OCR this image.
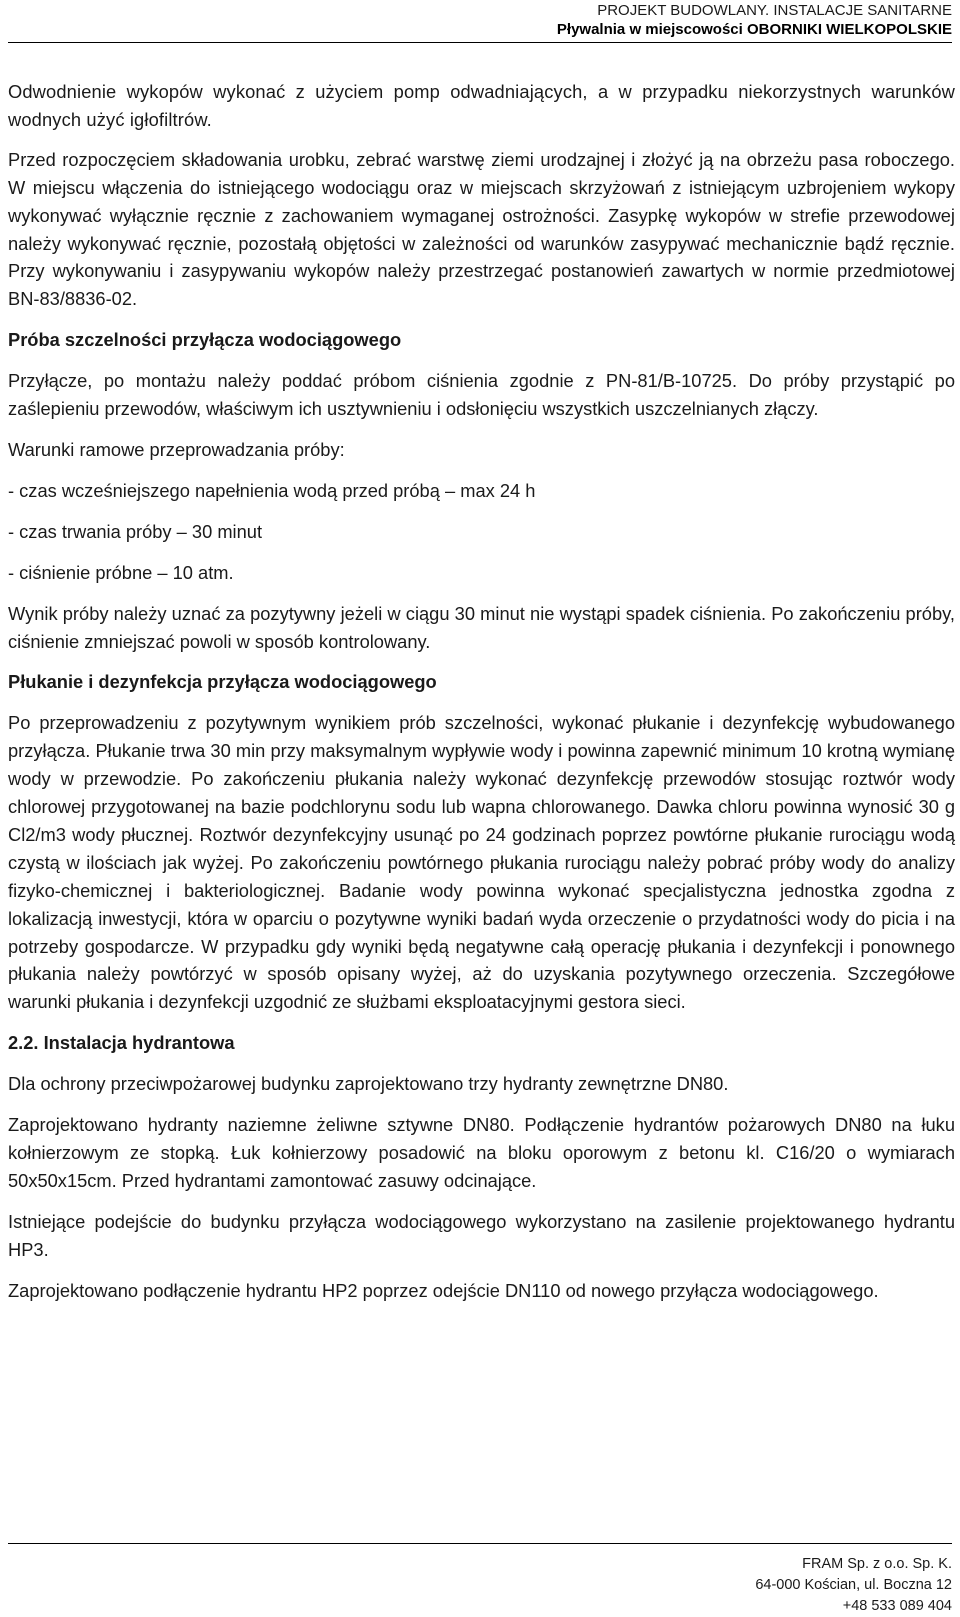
PROJEKT BUDOWLANY. INSTALACJE SANITARNE
Pływalnia w miejscowości OBORNIKI WIELKOPOLSKIE

Odwodnienie wykopów wykonać z użyciem pomp odwadniających, a w przypadku niekorzystnych warunków wodnych użyć igłofiltrów.

Przed rozpoczęciem składowania urobku, zebrać warstwę ziemi urodzajnej i złożyć ją na obrzeżu pasa roboczego. W miejscu włączenia do istniejącego wodociągu oraz w miejscach skrzyżowań z istniejącym uzbrojeniem wykopy wykonywać wyłącznie ręcznie z zachowaniem wymaganej ostrożności. Zasypkę wykopów w strefie przewodowej należy wykonywać ręcznie, pozostałą objętości w zależności od warunków zasypywać mechanicznie bądź ręcznie. Przy wykonywaniu i zasypywaniu wykopów należy przestrzegać postanowień zawartych w normie przedmiotowej BN-83/8836-02.

Próba szczelności przyłącza wodociągowego

Przyłącze, po montażu należy poddać próbom ciśnienia zgodnie z PN-81/B-10725. Do próby przystąpić po zaślepieniu przewodów, właściwym ich usztywnieniu i odsłonięciu wszystkich uszczelnianych złączy.

Warunki ramowe przeprowadzania próby:

- czas wcześniejszego napełnienia wodą przed próbą – max 24 h

- czas trwania próby – 30 minut

- ciśnienie próbne – 10 atm.

Wynik próby należy uznać za pozytywny jeżeli w ciągu 30 minut nie wystąpi spadek ciśnienia. Po zakończeniu próby, ciśnienie zmniejszać powoli w sposób kontrolowany.

Płukanie i dezynfekcja przyłącza wodociągowego

Po przeprowadzeniu z pozytywnym wynikiem prób szczelności, wykonać płukanie i dezynfekcję wybudowanego przyłącza. Płukanie trwa 30 min przy maksymalnym wypływie wody i powinna zapewnić minimum 10 krotną wymianę wody w przewodzie. Po zakończeniu płukania należy wykonać dezynfekcję przewodów stosując roztwór wody chlorowej przygotowanej na bazie podchlorynu sodu lub wapna chlorowanego. Dawka chloru powinna wynosić 30 g Cl2/m3 wody płucznej. Roztwór dezynfekcyjny usunąć po 24 godzinach poprzez powtórne płukanie rurociągu wodą czystą w ilościach jak wyżej. Po zakończeniu powtórnego płukania rurociągu należy pobrać próby wody do analizy fizyko-chemicznej i bakteriologicznej. Badanie wody powinna wykonać specjalistyczna jednostka zgodna z lokalizacją inwestycji, która w oparciu o pozytywne wyniki badań wyda orzeczenie o przydatności wody do picia i na potrzeby gospodarcze. W przypadku gdy wyniki będą negatywne całą operację płukania i dezynfekcji i ponownego płukania należy powtórzyć w sposób opisany wyżej, aż do uzyskania pozytywnego orzeczenia. Szczegółowe warunki płukania i dezynfekcji uzgodnić ze służbami eksploatacyjnymi gestora sieci.

2.2. Instalacja hydrantowa

Dla ochrony przeciwpożarowej budynku zaprojektowano trzy hydranty zewnętrzne DN80.

Zaprojektowano hydranty naziemne żeliwne sztywne DN80. Podłączenie hydrantów pożarowych DN80 na łuku kołnierzowym ze stopką. Łuk kołnierzowy posadowić na bloku oporowym z betonu kl. C16/20 o wymiarach 50x50x15cm. Przed hydrantami zamontować zasuwy odcinające.

Istniejące podejście do budynku przyłącza wodociągowego wykorzystano na zasilenie projektowanego hydrantu HP3.

Zaprojektowano podłączenie hydrantu HP2 poprzez odejście DN110 od nowego przyłącza wodociągowego.

FRAM Sp. z o.o. Sp. K.
64-000 Kościan, ul. Boczna 12
+48 533 089 404
